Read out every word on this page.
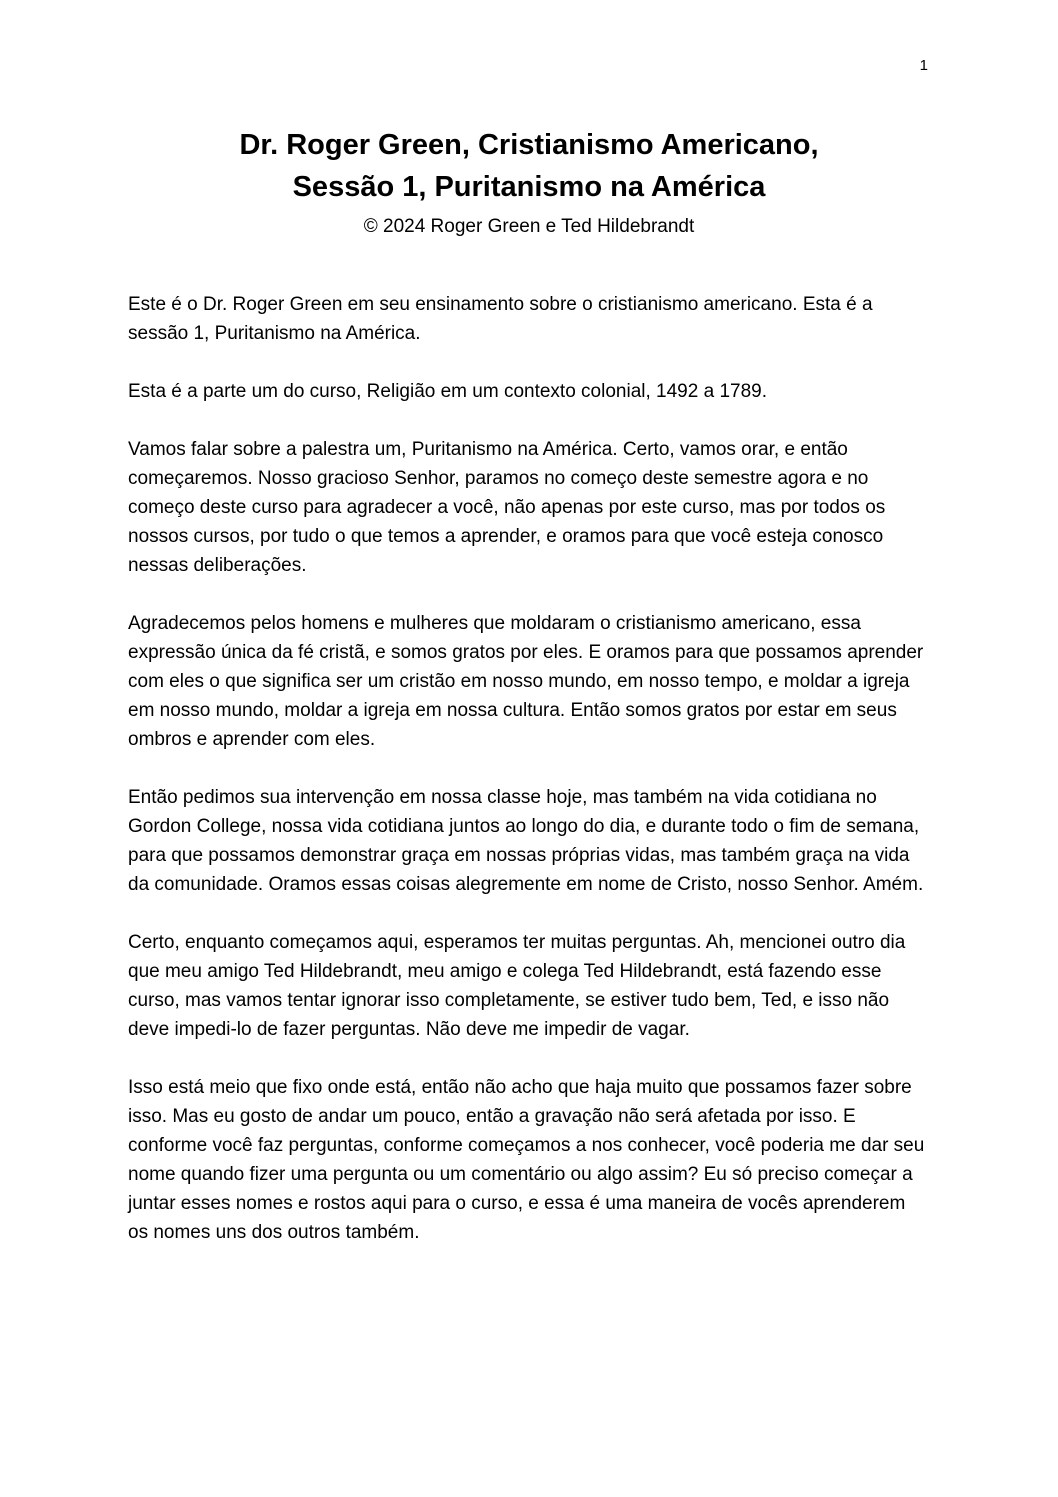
1
Dr. Roger Green, Cristianismo Americano,
Sessão 1, Puritanismo na América
© 2024 Roger Green e Ted Hildebrandt

Este é o Dr. Roger Green em seu ensinamento sobre o cristianismo americano. Esta é a sessão 1, Puritanismo na América.

Esta é a parte um do curso, Religião em um contexto colonial, 1492 a 1789.

Vamos falar sobre a palestra um, Puritanismo na América. Certo, vamos orar, e então começaremos. Nosso gracioso Senhor, paramos no começo deste semestre agora e no começo deste curso para agradecer a você, não apenas por este curso, mas por todos os nossos cursos, por tudo o que temos a aprender, e oramos para que você esteja conosco nessas deliberações.

Agradecemos pelos homens e mulheres que moldaram o cristianismo americano, essa expressão única da fé cristã, e somos gratos por eles. E oramos para que possamos aprender com eles o que significa ser um cristão em nosso mundo, em nosso tempo, e moldar a igreja em nosso mundo, moldar a igreja em nossa cultura. Então somos gratos por estar em seus ombros e aprender com eles.

Então pedimos sua intervenção em nossa classe hoje, mas também na vida cotidiana no Gordon College, nossa vida cotidiana juntos ao longo do dia, e durante todo o fim de semana, para que possamos demonstrar graça em nossas próprias vidas, mas também graça na vida da comunidade. Oramos essas coisas alegremente em nome de Cristo, nosso Senhor. Amém.

Certo, enquanto começamos aqui, esperamos ter muitas perguntas. Ah, mencionei outro dia que meu amigo Ted Hildebrandt, meu amigo e colega Ted Hildebrandt, está fazendo esse curso, mas vamos tentar ignorar isso completamente, se estiver tudo bem, Ted, e isso não deve impedi-lo de fazer perguntas. Não deve me impedir de vagar.

Isso está meio que fixo onde está, então não acho que haja muito que possamos fazer sobre isso. Mas eu gosto de andar um pouco, então a gravação não será afetada por isso. E conforme você faz perguntas, conforme começamos a nos conhecer, você poderia me dar seu nome quando fizer uma pergunta ou um comentário ou algo assim? Eu só preciso começar a juntar esses nomes e rostos aqui para o curso, e essa é uma maneira de vocês aprenderem os nomes uns dos outros também.
